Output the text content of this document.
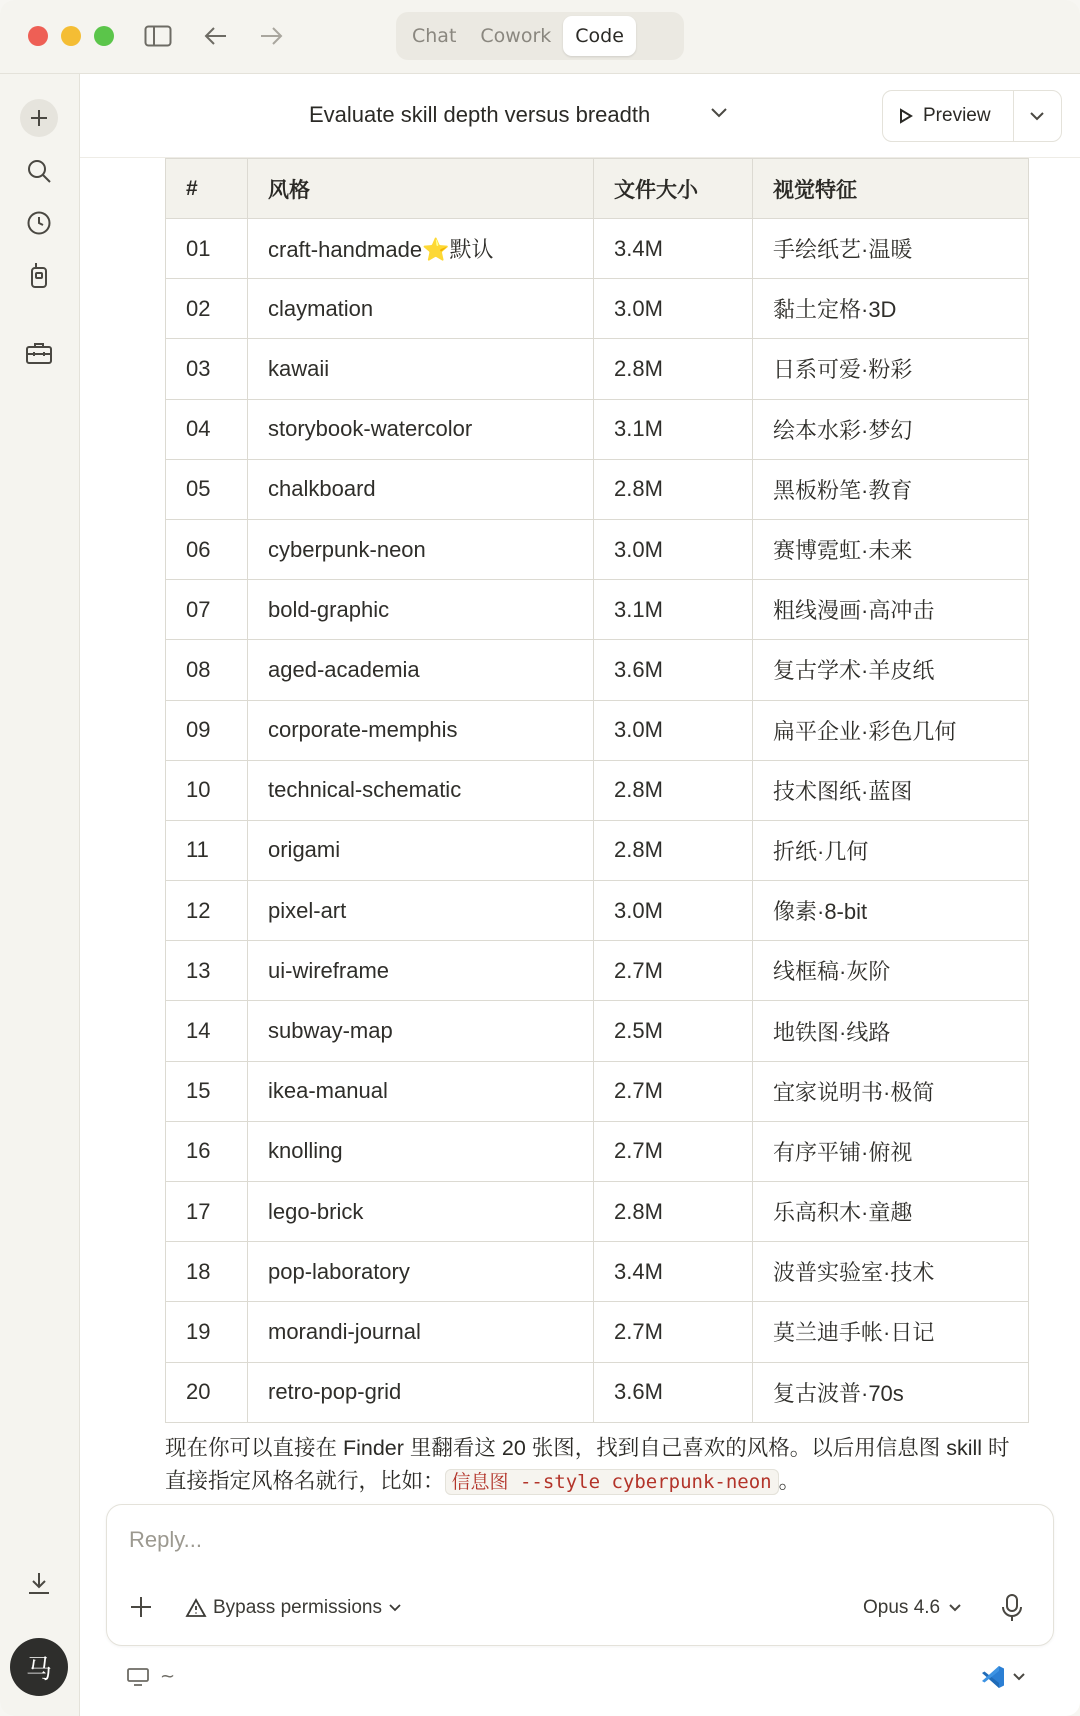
Chat	Cowork	Code
马
Evaluate skill depth versus breadth	Preview
#	风格	文件大小	视觉特征
01	craft-handmade⭐默认	3.4M	手绘纸艺·温暖
02	claymation	3.0M	黏土定格·3D
03	kawaii	2.8M	日系可爱·粉彩
04	storybook-watercolor	3.1M	绘本水彩·梦幻
05	chalkboard	2.8M	黑板粉笔·教育
06	cyberpunk-neon	3.0M	赛博霓虹·未来
07	bold-graphic	3.1M	粗线漫画·高冲击
08	aged-academia	3.6M	复古学术·羊皮纸
09	corporate-memphis	3.0M	扁平企业·彩色几何
10	technical-schematic	2.8M	技术图纸·蓝图
11	origami	2.8M	折纸·几何
12	pixel-art	3.0M	像素·8-bit
13	ui-wireframe	2.7M	线框稿·灰阶
14	subway-map	2.5M	地铁图·线路
15	ikea-manual	2.7M	宜家说明书·极简
16	knolling	2.7M	有序平铺·俯视
17	lego-brick	2.8M	乐高积木·童趣
18	pop-laboratory	3.4M	波普实验室·技术
19	morandi-journal	2.7M	莫兰迪手帐·日记
20	retro-pop-grid	3.6M	复古波普·70s
现在你可以直接在 Finder 里翻看这 20 张图，找到自己喜欢的风格。以后用信息图 skill 时直接指定风格名就行，比如： 信息图 --style cyberpunk-neon 。
Reply...
Bypass permissions	Opus 4.6
~
